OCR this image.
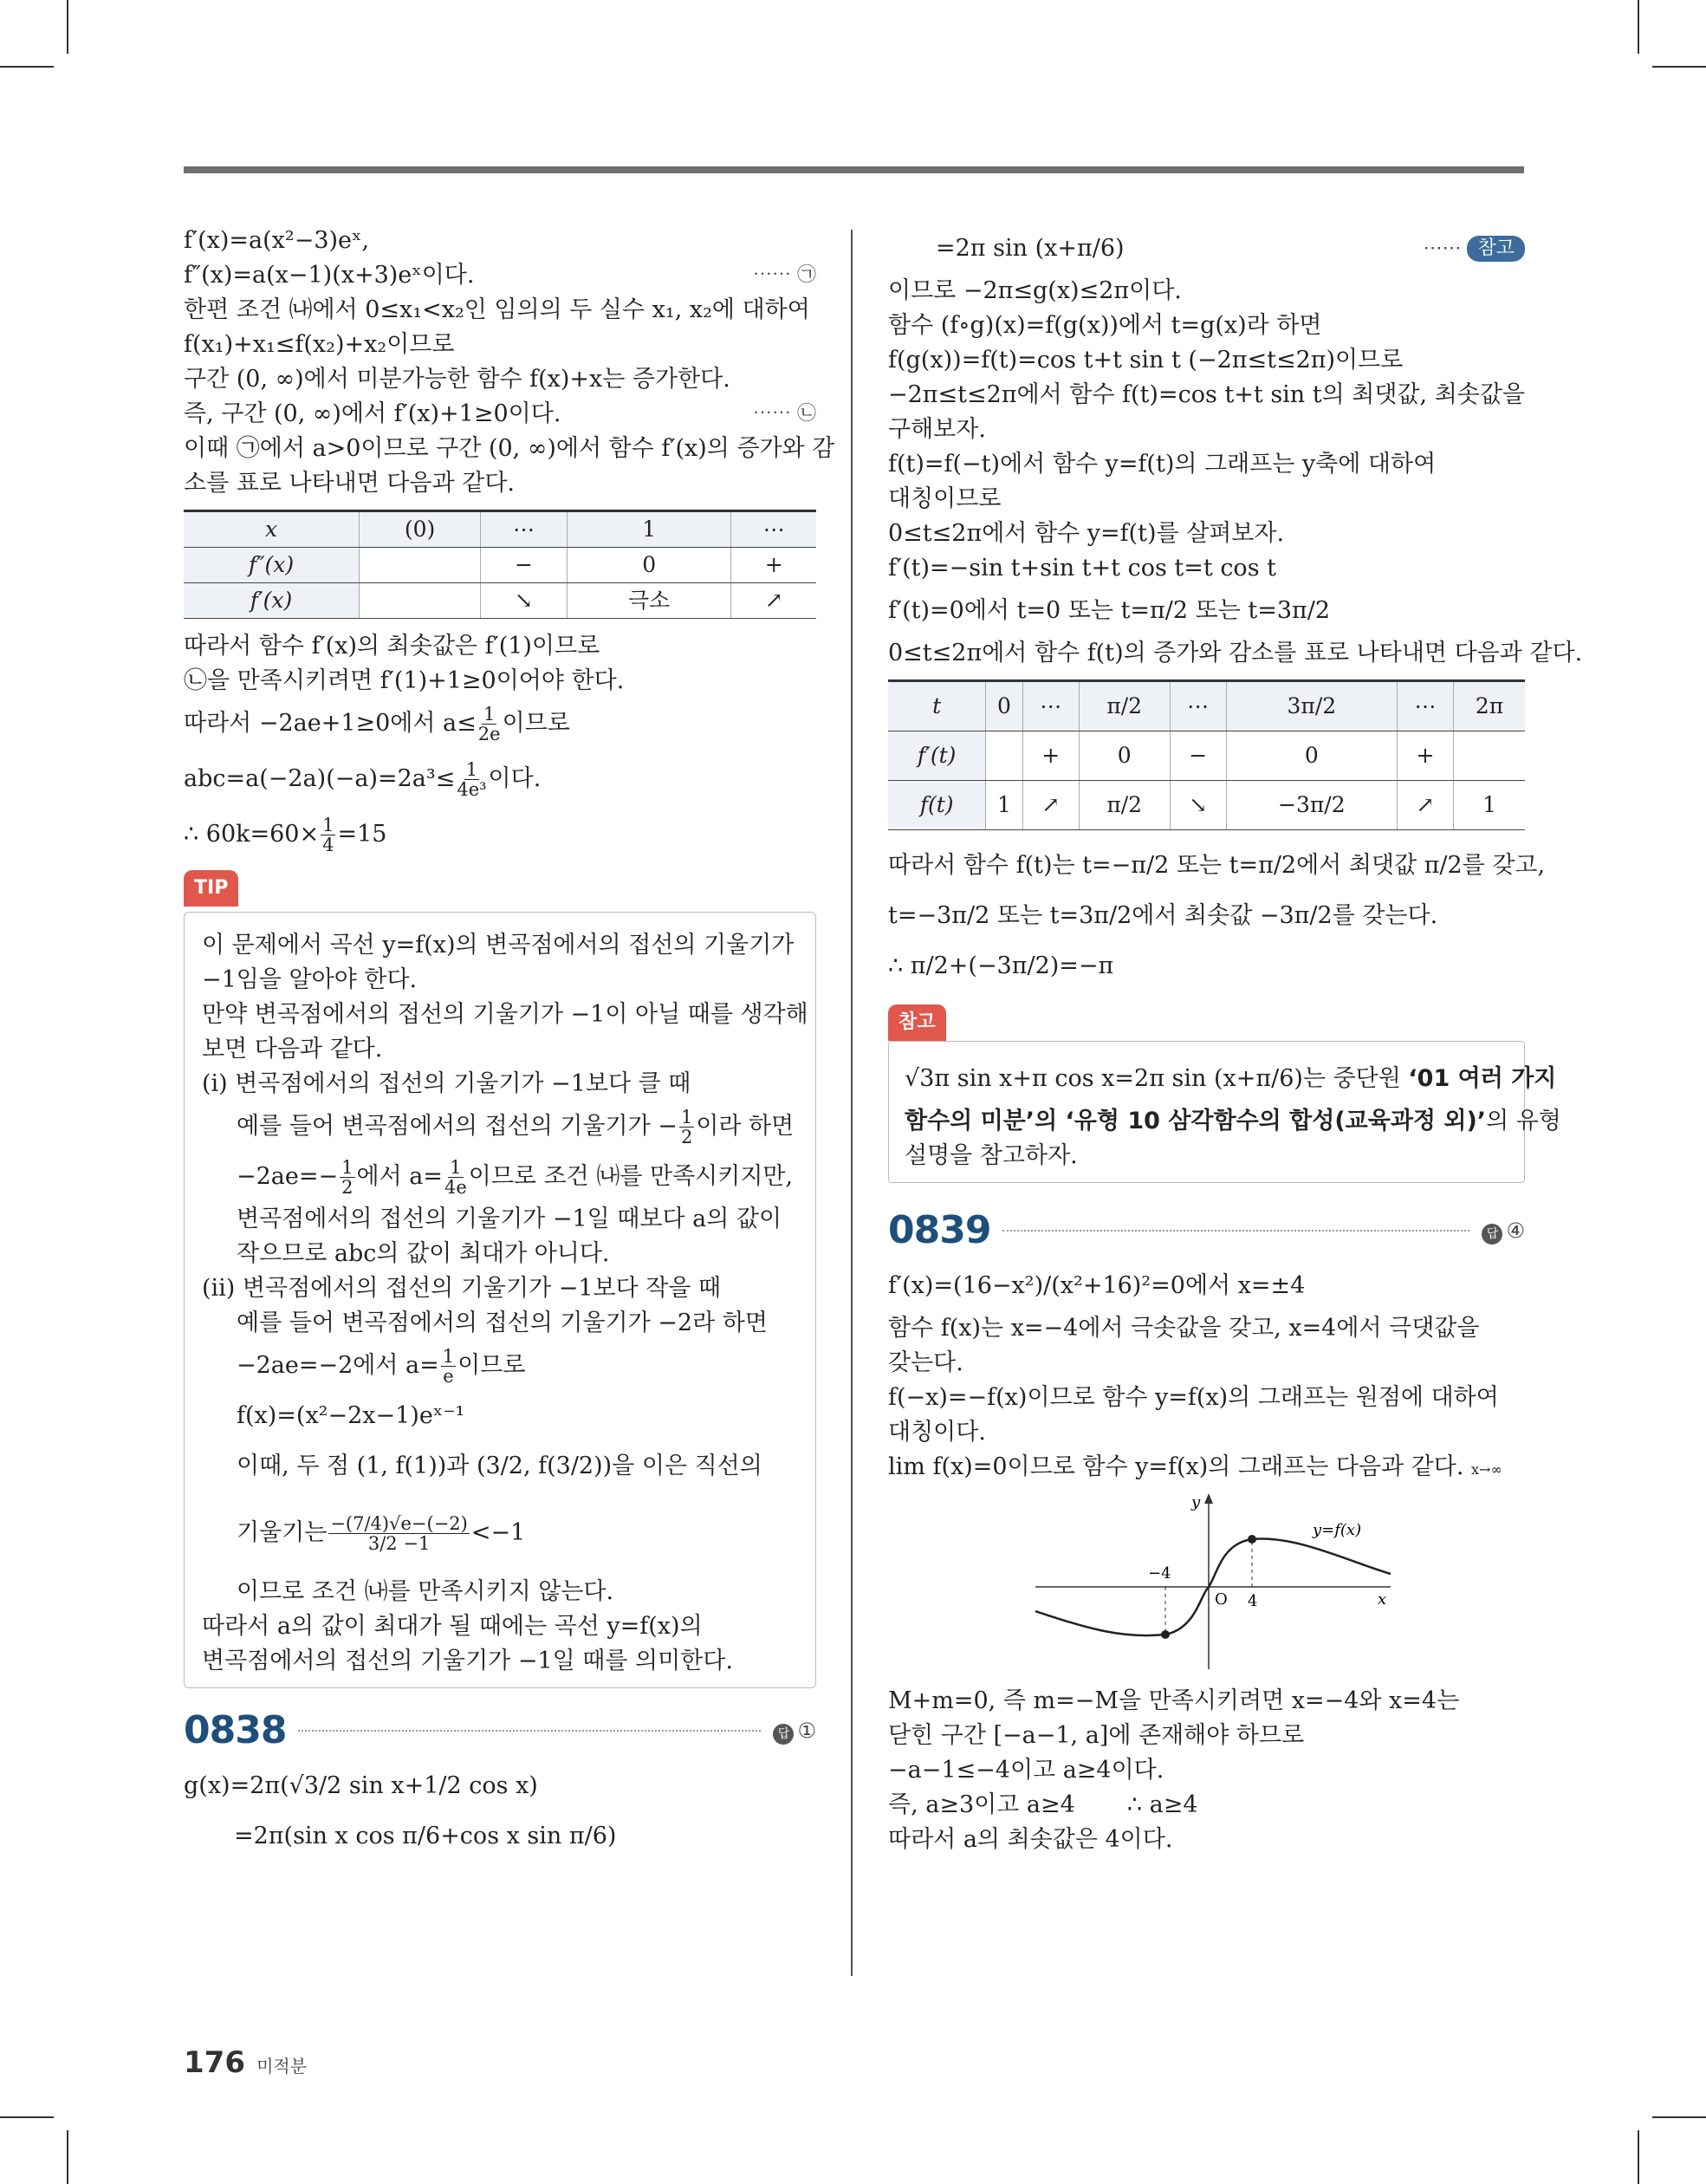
f′(x)=a(x²−3)eˣ,
f″(x)=a(x−1)(x+3)eˣ이다.	⋯⋯ ㉠
한편 조건 ㈏에서 0≤x₁<x₂인 임의의 두 실수 x₁, x₂에 대하여
f(x₁)+x₁≤f(x₂)+x₂이므로
구간 (0, ∞)에서 미분가능한 함수 f(x)+x는 증가한다.
즉, 구간 (0, ∞)에서 f′(x)+1≥0이다.	⋯⋯ ㉡
이때 ㉠에서 a>0이므로 구간 (0, ∞)에서 함수 f′(x)의 증가와 감
소를 표로 나타내면 다음과 같다.
x	(0)	⋯	1	⋯
f″(x)		−	0	+
f′(x)		↘	극소	↗
따라서 함수 f′(x)의 최솟값은 f′(1)이므로
㉡을 만족시키려면 f′(1)+1≥0이어야 한다.
따라서 −2ae+1≥0에서 $a\le \frac{1}{2e}$ 이므로
$abc=a(-2a)(-a)=2a^3\le \frac{1}{\text{4e³}}$ 이다.
∴ $60k=60\times \frac{1}{4} =15$
TIP
이 문제에서 곡선 y=f(x)의 변곡점에서의 접선의 기울기가
−1임을 알아야 한다.
만약 변곡점에서의 접선의 기울기가 −1이 아닐 때를 생각해
보면 다음과 같다.
(ⅰ) 변곡점에서의 접선의 기울기가 −1보다 클 때
예를 들어 변곡점에서의 접선의 기울기가 − $\frac{1}{2}$ 이라 하면
$-2ae=- \frac{1}{2}$ 에서 $a= \frac{1}{4e}$ 이므로 조건 ㈏를 만족시키지만,
변곡점에서의 접선의 기울기가 −1일 때보다 a의 값이
작으므로 abc의 값이 최대가 아니다.
(ⅱ) 변곡점에서의 접선의 기울기가 −1보다 작을 때
예를 들어 변곡점에서의 접선의 기울기가 −2라 하면
−2ae=−2에서 $a= \frac{1}{e}$ 이므로
f(x)=(x²−2x−1)eˣ⁻¹
이때, 두 점 (1, f(1))과 (3/2, f(3/2))을 이은 직선의
기울기는 $\frac{-(7/4)√e-(-2)}{3/2 -1} <-1$
이므로 조건 ㈏를 만족시키지 않는다.
따라서 a의 값이 최대가 될 때에는 곡선 y=f(x)의
변곡점에서의 접선의 기울기가 −1일 때를 의미한다.
0838	답 ①
g(x)=2π(√3/2 sin x+1/2 cos x)
=2π(sin x cos π/6+cos x sin π/6)
=2π sin (x+π/6)	⋯⋯ 참고
이므로 −2π≤g(x)≤2π이다.
함수 (f∘g)(x)=f(g(x))에서 t=g(x)라 하면
f(g(x))=f(t)=cos t+t sin t (−2π≤t≤2π)이므로
−2π≤t≤2π에서 함수 f(t)=cos t+t sin t의 최댓값, 최솟값을
구해보자.
f(t)=f(−t)에서 함수 y=f(t)의 그래프는 y축에 대하여
대칭이므로
0≤t≤2π에서 함수 y=f(t)를 살펴보자.
f′(t)=−sin t+sin t+t cos t=t cos t
f′(t)=0에서 t=0 또는 t=π/2 또는 t=3π/2
0≤t≤2π에서 함수 f(t)의 증가와 감소를 표로 나타내면 다음과 같다.
t	0	⋯	π/2	⋯	3π/2	⋯	2π
f′(t)		+	0	−	0	+	
f(t)	1	↗	π/2	↘	−3π/2	↗	1
따라서 함수 f(t)는 t=−π/2 또는 t=π/2에서 최댓값 π/2를 갖고,
t=−3π/2 또는 t=3π/2에서 최솟값 −3π/2를 갖는다.
∴ π/2+(−3π/2)=−π
참고
√3π sin x+π cos x=2π sin (x+π/6)는 중단원 ‘01 여러 가지
함수의 미분’의 ‘유형 10 삼각함수의 합성(교육과정 외)’의 유형
설명을 참고하자.
0839	답 ④
f′(x)=(16−x²)/(x²+16)²=0에서 x=±4
함수 f(x)는 x=−4에서 극솟값을 갖고, x=4에서 극댓값을
갖는다.
f(−x)=−f(x)이므로 함수 y=f(x)의 그래프는 원점에 대하여
대칭이다.
lim f(x)=0이므로 함수 y=f(x)의 그래프는 다음과 같다. x→∞
y
x
O
−4
4
y=f(x)
M+m=0, 즉 m=−M을 만족시키려면 x=−4와 x=4는
닫힌 구간 [−a−1, a]에 존재해야 하므로
−a−1≤−4이고 a≥4이다.
즉, a≥3이고 a≥4       ∴ a≥4
따라서 a의 최솟값은 4이다.
176 미적분
